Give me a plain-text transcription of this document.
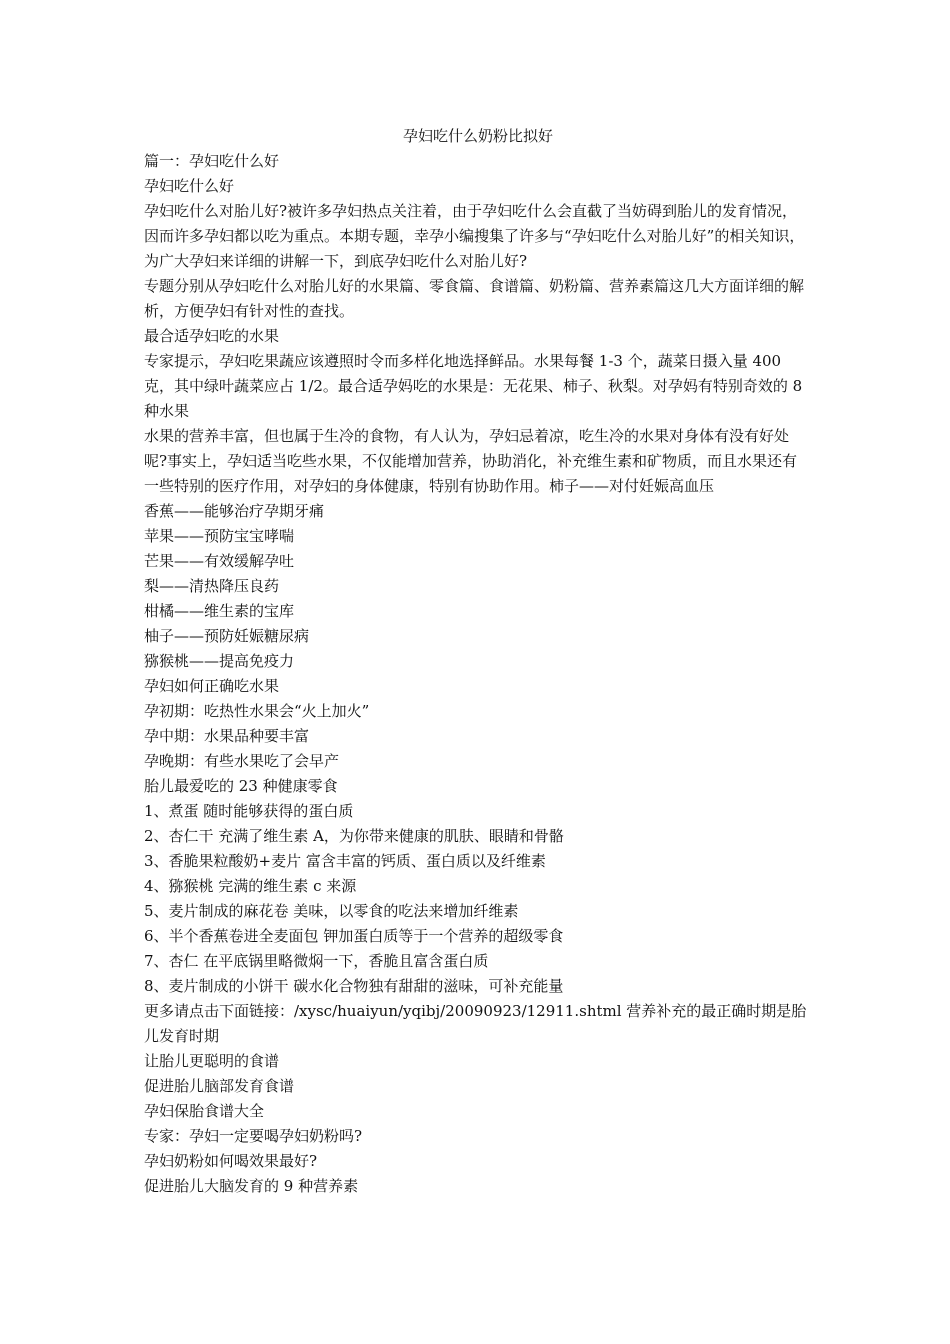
孕妇吃什么奶粉比拟好

篇一：孕妇吃什么好

孕妇吃什么好

孕妇吃什么对胎儿好?被许多孕妇热点关注着，由于孕妇吃什么会直截了当妨碍到胎儿的发育情况，因而许多孕妇都以吃为重点。本期专题，幸孕小编搜集了许多与“孕妇吃什么对胎儿好”的相关知识，为广大孕妇来详细的讲解一下，到底孕妇吃什么对胎儿好?

专题分别从孕妇吃什么对胎儿好的水果篇、零食篇、食谱篇、奶粉篇、营养素篇这几大方面详细的解析，方便孕妇有针对性的查找。

最合适孕妇吃的水果

专家提示，孕妇吃果蔬应该遵照时令而多样化地选择鲜品。水果每餐 1-3 个，蔬菜日摄入量 400 克，其中绿叶蔬菜应占 1/2。最合适孕妈吃的水果是：无花果、柿子、秋梨。对孕妈有特别奇效的 8 种水果

水果的营养丰富，但也属于生冷的食物，有人认为，孕妇忌着凉，吃生冷的水果对身体有没有好处呢?事实上，孕妇适当吃些水果，不仅能增加营养，协助消化，补充维生素和矿物质，而且水果还有一些特别的医疗作用，对孕妇的身体健康，特别有协助作用。柿子——对付妊娠高血压

香蕉——能够治疗孕期牙痛

苹果——预防宝宝哮喘

芒果——有效缓解孕吐

梨——清热降压良药

柑橘——维生素的宝库

柚子——预防妊娠糖尿病

猕猴桃——提高免疫力

孕妇如何正确吃水果

孕初期：吃热性水果会“火上加火”

孕中期：水果品种要丰富

孕晚期：有些水果吃了会早产

胎儿最爱吃的 23 种健康零食

1、煮蛋 随时能够获得的蛋白质

2、杏仁干 充满了维生素 A，为你带来健康的肌肤、眼睛和骨骼

3、香脆果粒酸奶+麦片 富含丰富的钙质、蛋白质以及纤维素

4、猕猴桃 完满的维生素 c 来源

5、麦片制成的麻花卷 美味，以零食的吃法来增加纤维素

6、半个香蕉卷进全麦面包 钾加蛋白质等于一个营养的超级零食

7、杏仁 在平底锅里略微焖一下，香脆且富含蛋白质

8、麦片制成的小饼干 碳水化合物独有甜甜的滋味，可补充能量

更多请点击下面链接：/xysc/huaiyun/yqibj/20090923/12911.shtml 营养补充的最正确时期是胎儿发育时期

让胎儿更聪明的食谱

促进胎儿脑部发育食谱

孕妇保胎食谱大全

专家：孕妇一定要喝孕妇奶粉吗?

孕妇奶粉如何喝效果最好?

促进胎儿大脑发育的 9 种营养素
